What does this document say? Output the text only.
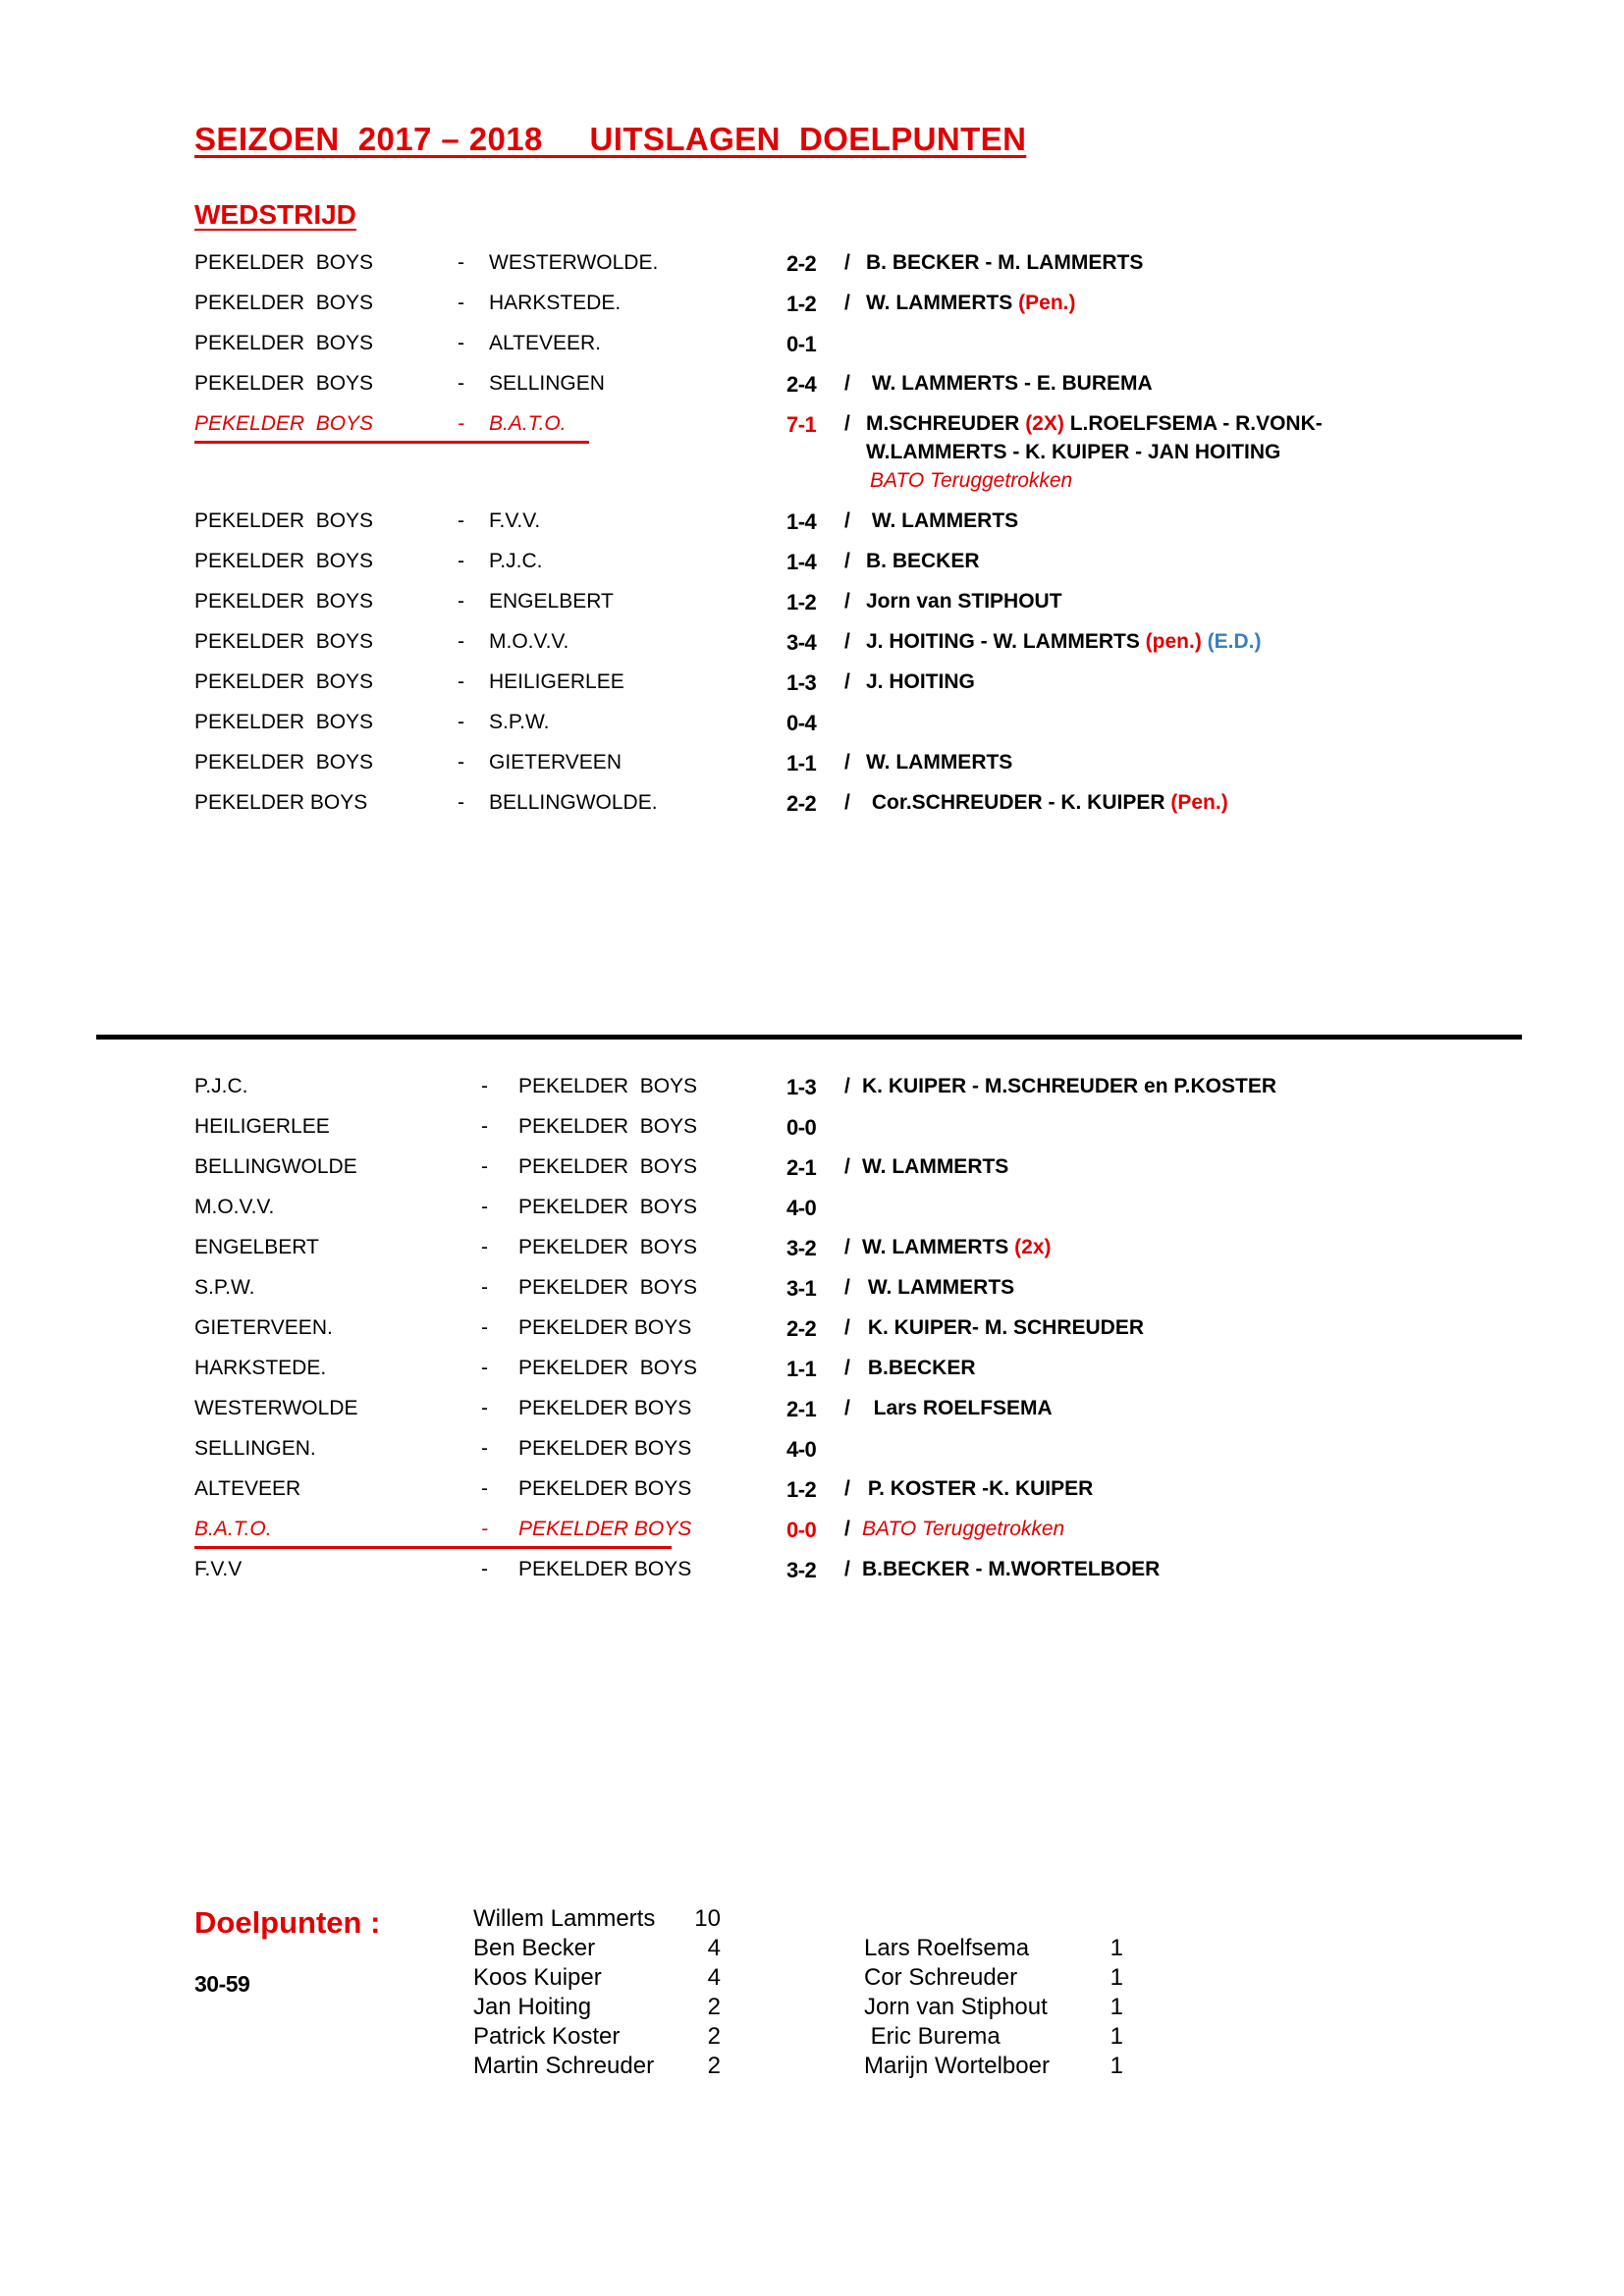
SEIZOEN  2017 – 2018     UITSLAGEN  DOELPUNTEN
WEDSTRIJD
PEKELDER  BOYS	- WESTERWOLDE.	2-2 / B. BECKER - M. LAMMERTS
PEKELDER  BOYS	- HARKSTEDE.	1-2 / W. LAMMERTS (Pen.)
PEKELDER  BOYS	- ALTEVEER.	0-1
PEKELDER  BOYS	- SELLINGEN	2-4 / W. LAMMERTS - E. BUREMA
PEKELDER  BOYS	- B.A.T.O.	7-1 / M.SCHREUDER (2X) L.ROELFSEMA - R.VONK-
W.LAMMERTS - K. KUIPER - JAN HOITING
BATO Teruggetrokken
PEKELDER  BOYS	- F.V.V.	1-4 / W. LAMMERTS
PEKELDER  BOYS	- P.J.C.	1-4 / B. BECKER
PEKELDER  BOYS	- ENGELBERT	1-2 / Jorn van STIPHOUT
PEKELDER  BOYS	- M.O.V.V.	3-4 / J. HOITING - W. LAMMERTS (pen.) (E.D.)
PEKELDER  BOYS	- HEILIGERLEE	1-3 / J. HOITING
PEKELDER  BOYS	- S.P.W.	0-4
PEKELDER  BOYS	- GIETERVEEN	1-1 / W. LAMMERTS
PEKELDER BOYS	- BELLINGWOLDE.	2-2 / Cor.SCHREUDER - K. KUIPER (Pen.)
P.J.C.	- PEKELDER  BOYS	1-3 / K. KUIPER - M.SCHREUDER en P.KOSTER
HEILIGERLEE	- PEKELDER  BOYS	0-0
BELLINGWOLDE	- PEKELDER  BOYS	2-1 / W. LAMMERTS
M.O.V.V.	- PEKELDER  BOYS	4-0
ENGELBERT	- PEKELDER  BOYS	3-2 / W. LAMMERTS (2x)
S.P.W.	- PEKELDER  BOYS	3-1 / W. LAMMERTS
GIETERVEEN.	- PEKELDER BOYS	2-2 / K. KUIPER- M. SCHREUDER
HARKSTEDE.	- PEKELDER  BOYS	1-1 / B.BECKER
WESTERWOLDE	- PEKELDER BOYS	2-1 / Lars ROELFSEMA
SELLINGEN.	- PEKELDER BOYS	4-0
ALTEVEER	- PEKELDER BOYS	1-2 / P. KOSTER -K. KUIPER
B.A.T.O.	- PEKELDER BOYS	0-0 / BATO Teruggetrokken
F.V.V	- PEKELDER BOYS	3-2 / B.BECKER - M.WORTELBOER
Doelpunten :
30-59
Willem Lammerts 10
Ben Becker	4
Koos Kuiper	4
Jan Hoiting	2
Patrick Koster	2
Martin Schreuder 2
Lars Roelfsema	1
Cor Schreuder	1
Jorn van Stiphout	1
Eric Burema	1
Marijn Wortelboer	1
